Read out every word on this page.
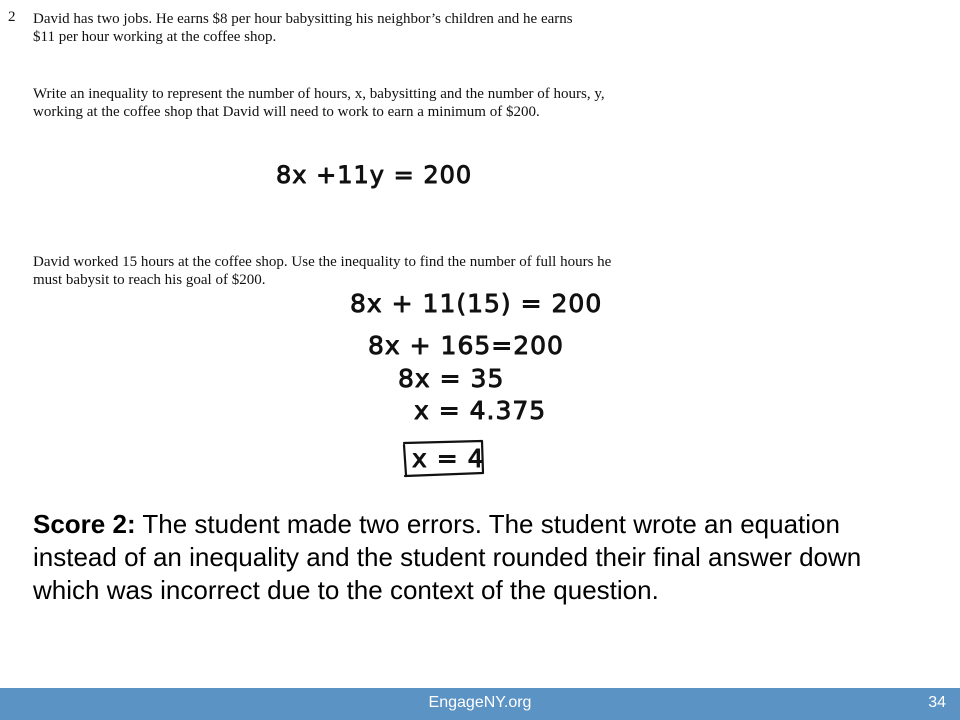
2 David has two jobs. He earns $8 per hour babysitting his neighbor’s children and he earns
$11 per hour working at the coffee shop.

Write an inequality to represent the number of hours, x, babysitting and the number of hours, y,
working at the coffee shop that David will need to work to earn a minimum of $200.

8x +11y = 200

David worked 15 hours at the coffee shop. Use the inequality to find the number of full hours he
must babysit to reach his goal of $200.

8x + 11(15) = 200
8x + 165=200
8x = 35
x = 4.375
x = 4

Score 2: The student made two errors. The student wrote an equation instead of an inequality and the student rounded their final answer down which was incorrect due to the context of the question.

EngageNY.org	34
